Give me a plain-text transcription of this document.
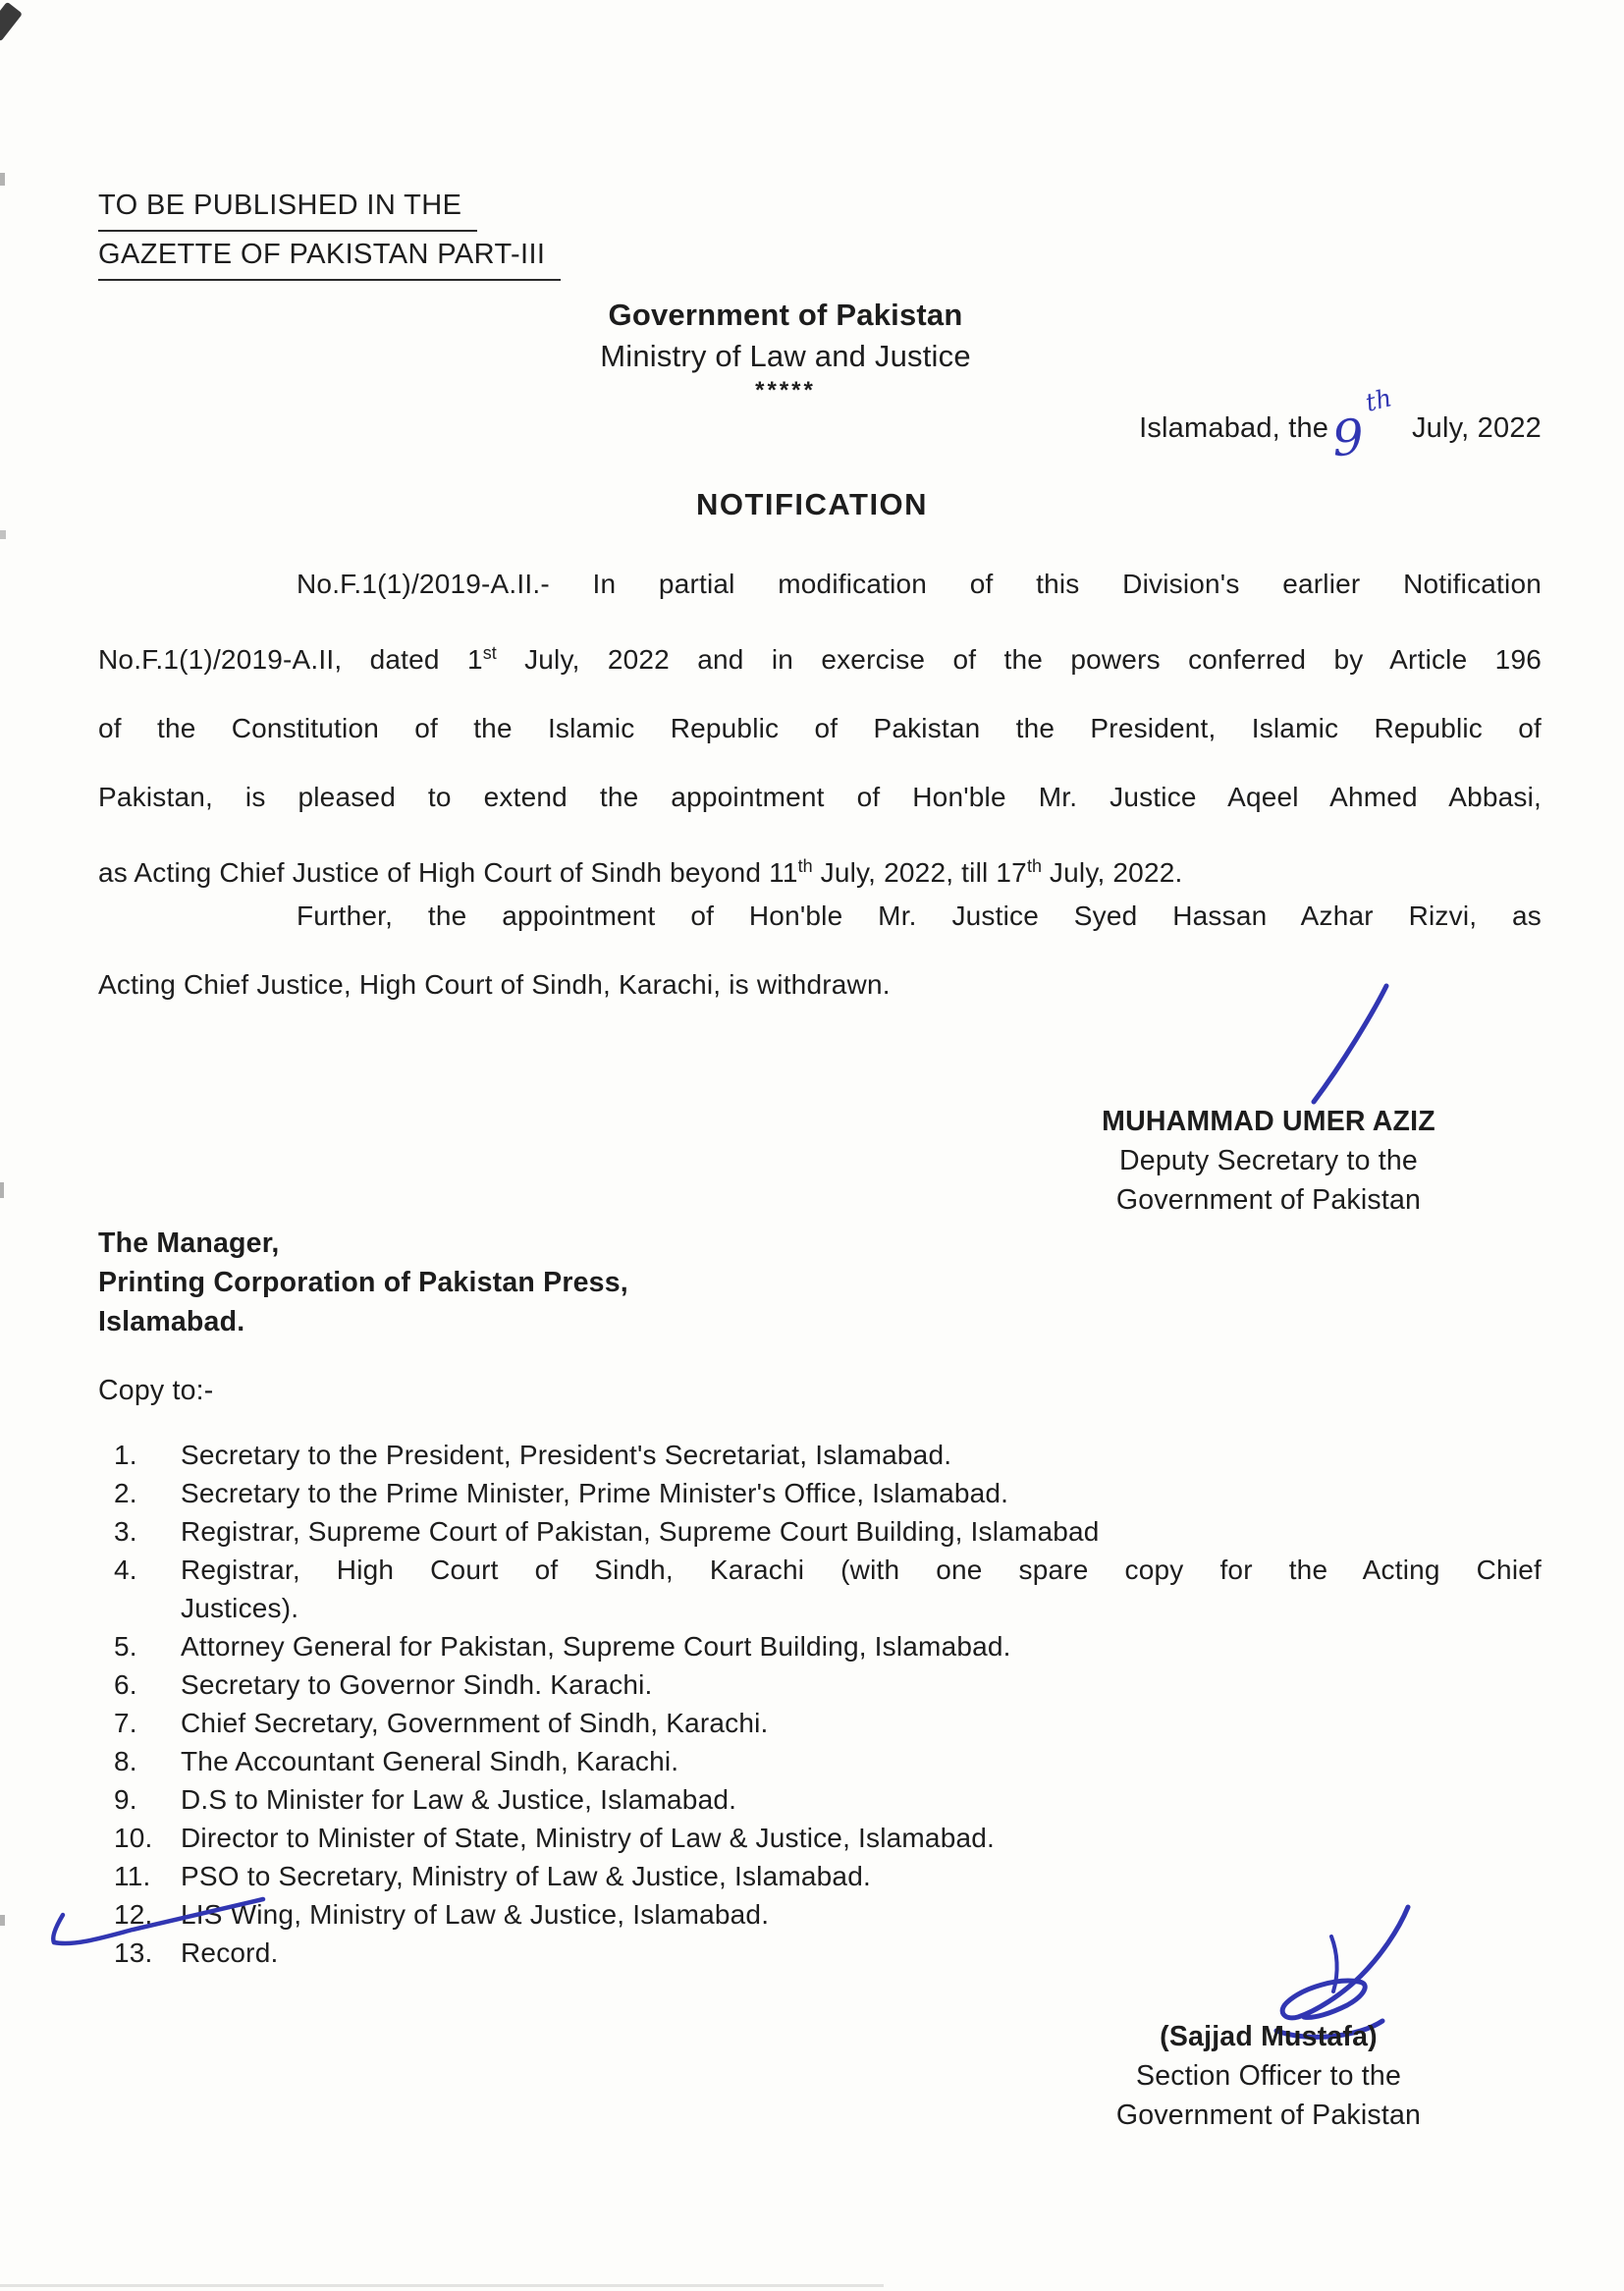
TO BE PUBLISHED IN THE
GAZETTE OF PAKISTAN PART-III
Government of Pakistan
Ministry of Law and Justice
*****
Islamabad, the 9
th
July, 2022
NOTIFICATION
No.F.1(1)/2019-A.II.- In partial modification of this Division's earlier Notification
No.F.1(1)/2019-A.II, dated 1st July, 2022 and in exercise of the powers conferred by Article 196
of the Constitution of the Islamic Republic of Pakistan the President, Islamic Republic of
Pakistan, is pleased to extend the appointment of Hon'ble Mr. Justice Aqeel Ahmed Abbasi,
as Acting Chief Justice of High Court of Sindh beyond 11th July, 2022, till 17th July, 2022.
Further, the appointment of Hon'ble Mr. Justice Syed Hassan Azhar Rizvi, as
Acting Chief Justice, High Court of Sindh, Karachi, is withdrawn.
MUHAMMAD UMER AZIZ
Deputy Secretary to the
Government of Pakistan
The Manager,
Printing Corporation of Pakistan Press,
Islamabad.
Copy to:-
1.	Secretary to the President, President's Secretariat, Islamabad.
2.	Secretary to the Prime Minister, Prime Minister's Office, Islamabad.
3.	Registrar, Supreme Court of Pakistan, Supreme Court Building, Islamabad
4.	Registrar, High Court of Sindh, Karachi (with one spare copy for the Acting Chief
Justices).
5.	Attorney General for Pakistan, Supreme Court Building, Islamabad.
6.	Secretary to Governor Sindh. Karachi.
7.	Chief Secretary, Government of Sindh, Karachi.
8.	The Accountant General Sindh, Karachi.
9.	D.S to Minister for Law & Justice, Islamabad.
10.	Director to Minister of State, Ministry of Law & Justice, Islamabad.
11.	PSO to Secretary, Ministry of Law & Justice, Islamabad.
12.	LIS Wing, Ministry of Law & Justice, Islamabad.
13.	Record.
(Sajjad Mustafa)
Section Officer to the
Government of Pakistan
